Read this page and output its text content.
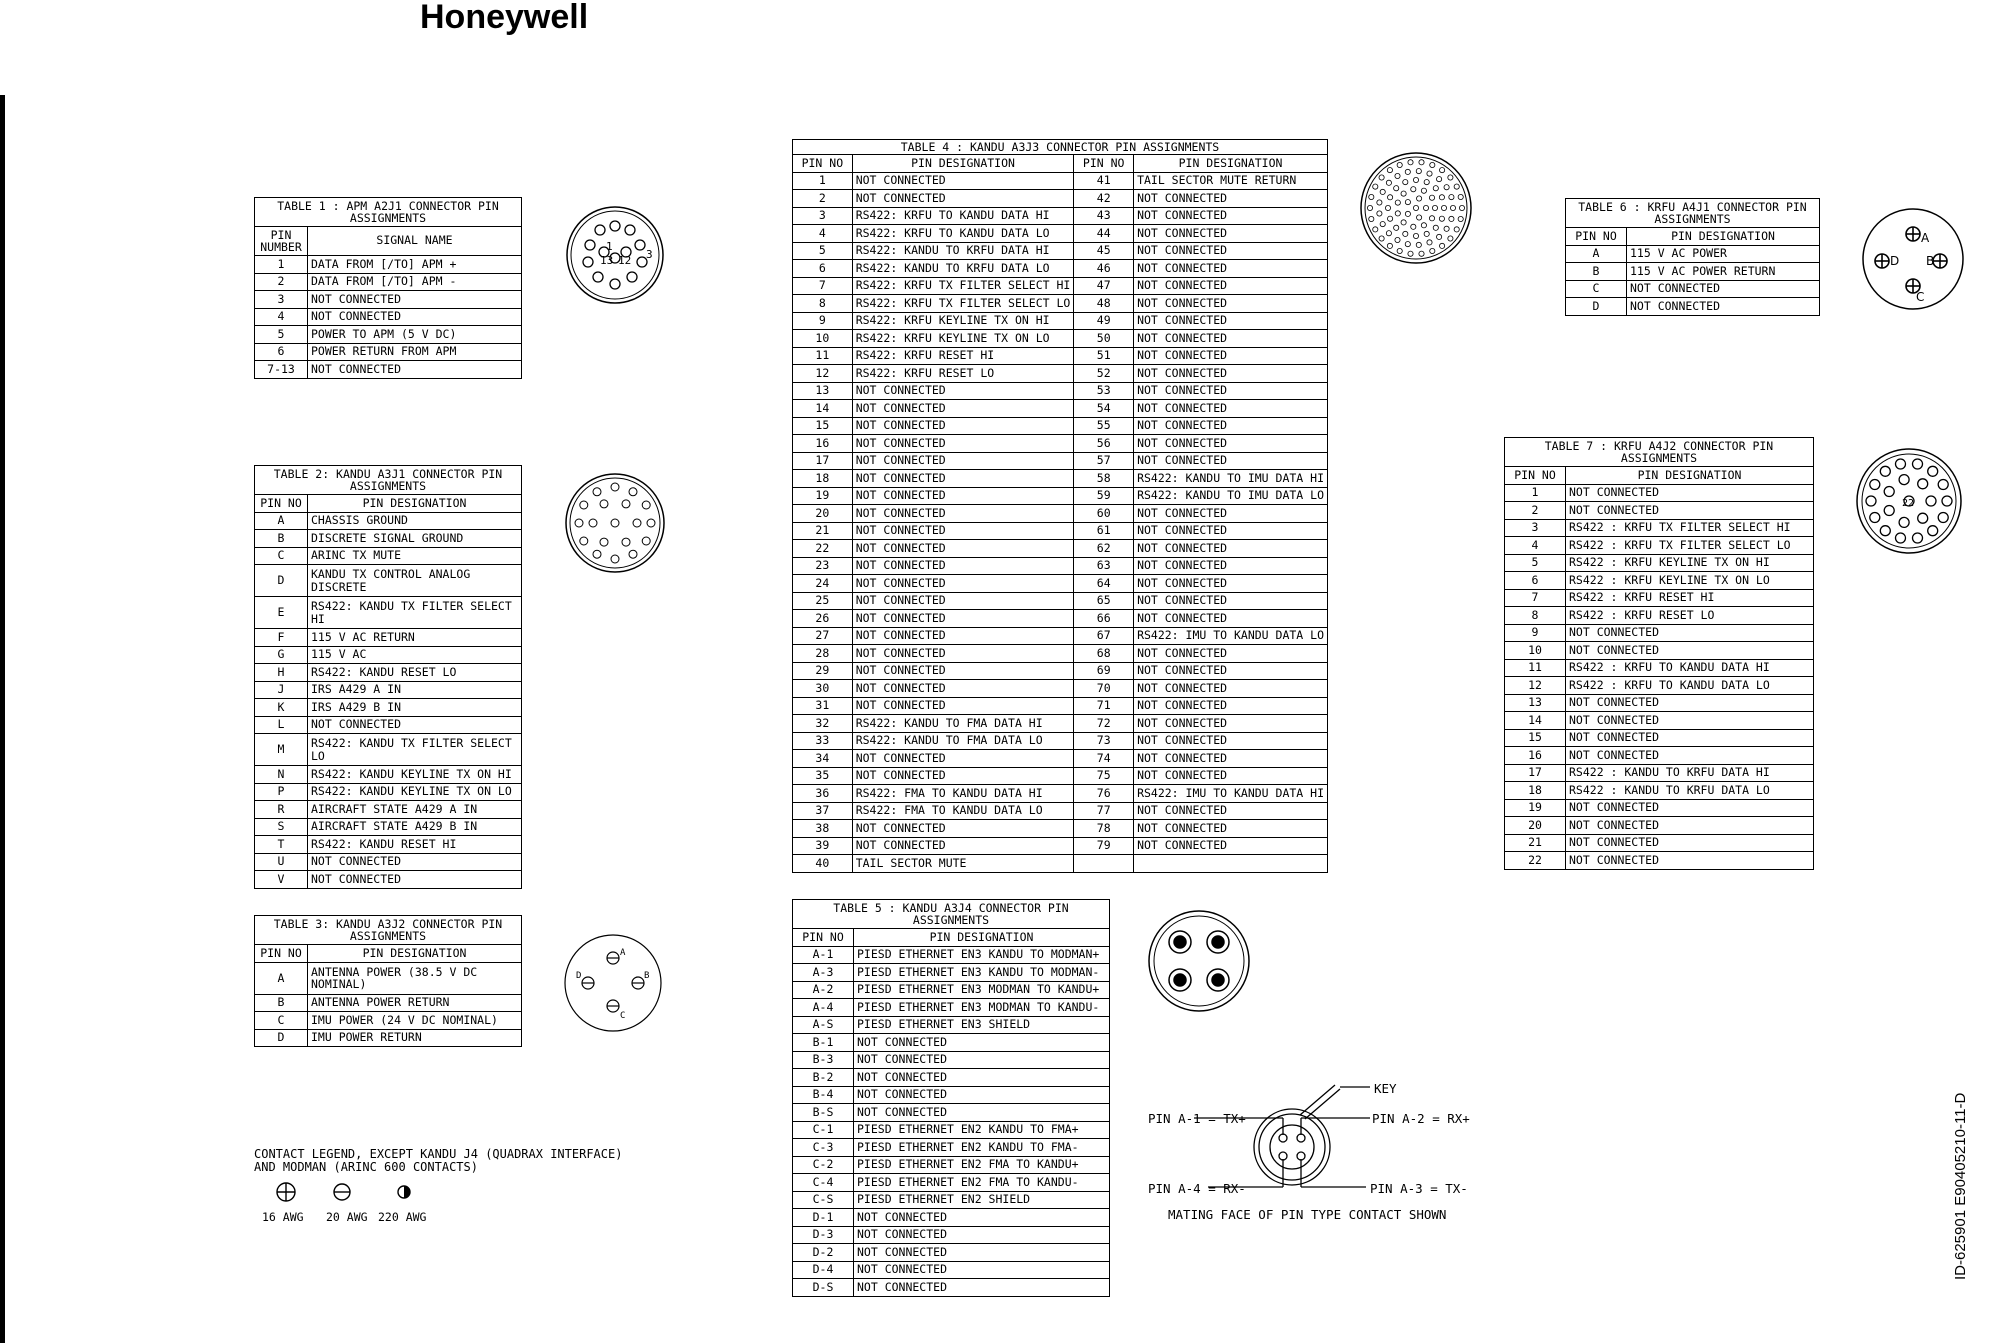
Honeywell
TABLE 1 : APM A2J1 CONNECTOR PIN ASSIGNMENTS	
PIN NUMBER	SIGNAL NAME
1	DATA FROM [/TO] APM +
2	DATA FROM [/TO] APM -
3	NOT CONNECTED
4	NOT CONNECTED
5	POWER TO APM (5 V DC)
6	POWER RETURN FROM APM
7-13	NOT CONNECTED
TABLE 2: KANDU A3J1 CONNECTOR PIN ASSIGNMENTS	
PIN NO	PIN DESIGNATION
A	CHASSIS GROUND
B	DISCRETE SIGNAL GROUND
C	ARINC TX MUTE
D	KANDU TX CONTROL ANALOG DISCRETE
E	RS422: KANDU TX FILTER SELECT HI
F	115 V AC RETURN
G	115 V AC
H	RS422: KANDU RESET LO
J	IRS A429 A IN
K	IRS A429 B IN
L	NOT CONNECTED
M	RS422: KANDU TX FILTER SELECT LO
N	RS422: KANDU KEYLINE TX ON HI
P	RS422: KANDU KEYLINE TX ON LO
R	AIRCRAFT STATE A429 A IN
S	AIRCRAFT STATE A429 B IN
T	RS422: KANDU RESET HI
U	NOT CONNECTED
V	NOT CONNECTED
TABLE 3: KANDU A3J2 CONNECTOR PIN ASSIGNMENTS	
PIN NO	PIN DESIGNATION
A	ANTENNA POWER (38.5 V DC NOMINAL)
B	ANTENNA POWER RETURN
C	IMU POWER (24 V DC NOMINAL)
D	IMU POWER RETURN
TABLE 4 : KANDU A3J3 CONNECTOR PIN ASSIGNMENTS			
PIN NO	PIN DESIGNATION	PIN NO	PIN DESIGNATION
1	NOT CONNECTED	41	TAIL SECTOR MUTE RETURN
2	NOT CONNECTED	42	NOT CONNECTED
3	RS422: KRFU TO KANDU DATA HI	43	NOT CONNECTED
4	RS422: KRFU TO KANDU DATA LO	44	NOT CONNECTED
5	RS422: KANDU TO KRFU DATA HI	45	NOT CONNECTED
6	RS422: KANDU TO KRFU DATA LO	46	NOT CONNECTED
7	RS422: KRFU TX FILTER SELECT HI	47	NOT CONNECTED
8	RS422: KRFU TX FILTER SELECT LO	48	NOT CONNECTED
9	RS422: KRFU KEYLINE TX ON HI	49	NOT CONNECTED
10	RS422: KRFU KEYLINE TX ON LO	50	NOT CONNECTED
11	RS422: KRFU RESET HI	51	NOT CONNECTED
12	RS422: KRFU RESET LO	52	NOT CONNECTED
13	NOT CONNECTED	53	NOT CONNECTED
14	NOT CONNECTED	54	NOT CONNECTED
15	NOT CONNECTED	55	NOT CONNECTED
16	NOT CONNECTED	56	NOT CONNECTED
17	NOT CONNECTED	57	NOT CONNECTED
18	NOT CONNECTED	58	RS422: KANDU TO IMU DATA HI
19	NOT CONNECTED	59	RS422: KANDU TO IMU DATA LO
20	NOT CONNECTED	60	NOT CONNECTED
21	NOT CONNECTED	61	NOT CONNECTED
22	NOT CONNECTED	62	NOT CONNECTED
23	NOT CONNECTED	63	NOT CONNECTED
24	NOT CONNECTED	64	NOT CONNECTED
25	NOT CONNECTED	65	NOT CONNECTED
26	NOT CONNECTED	66	NOT CONNECTED
27	NOT CONNECTED	67	RS422: IMU TO KANDU DATA LO
28	NOT CONNECTED	68	NOT CONNECTED
29	NOT CONNECTED	69	NOT CONNECTED
30	NOT CONNECTED	70	NOT CONNECTED
31	NOT CONNECTED	71	NOT CONNECTED
32	RS422: KANDU TO FMA DATA HI	72	NOT CONNECTED
33	RS422: KANDU TO FMA DATA LO	73	NOT CONNECTED
34	NOT CONNECTED	74	NOT CONNECTED
35	NOT CONNECTED	75	NOT CONNECTED
36	RS422: FMA TO KANDU DATA HI	76	RS422: IMU TO KANDU DATA HI
37	RS422: FMA TO KANDU DATA LO	77	NOT CONNECTED
38	NOT CONNECTED	78	NOT CONNECTED
39	NOT CONNECTED	79	NOT CONNECTED
40	TAIL SECTOR MUTE		
TABLE 5 : KANDU A3J4 CONNECTOR PIN ASSIGNMENTS	
PIN NO	PIN DESIGNATION
A-1	PIESD ETHERNET EN3 KANDU TO MODMAN+
A-3	PIESD ETHERNET EN3 KANDU TO MODMAN-
A-2	PIESD ETHERNET EN3 MODMAN TO KANDU+
A-4	PIESD ETHERNET EN3 MODMAN TO KANDU-
A-S	PIESD ETHERNET EN3 SHIELD
B-1	NOT CONNECTED
B-3	NOT CONNECTED
B-2	NOT CONNECTED
B-4	NOT CONNECTED
B-S	NOT CONNECTED
C-1	PIESD ETHERNET EN2 KANDU TO FMA+
C-3	PIESD ETHERNET EN2 KANDU TO FMA-
C-2	PIESD ETHERNET EN2 FMA TO KANDU+
C-4	PIESD ETHERNET EN2 FMA TO KANDU-
C-S	PIESD ETHERNET EN2 SHIELD
D-1	NOT CONNECTED
D-3	NOT CONNECTED
D-2	NOT CONNECTED
D-4	NOT CONNECTED
D-S	NOT CONNECTED
TABLE 6 : KRFU A4J1 CONNECTOR PIN ASSIGNMENTS	
PIN NO	PIN DESIGNATION
A	115 V AC POWER
B	115 V AC POWER RETURN
C	NOT CONNECTED
D	NOT CONNECTED
TABLE 7 : KRFU A4J2 CONNECTOR PIN ASSIGNMENTS	
PIN NO	PIN DESIGNATION
1	NOT CONNECTED
2	NOT CONNECTED
3	RS422 : KRFU TX FILTER SELECT HI
4	RS422 : KRFU TX FILTER SELECT LO
5	RS422 : KRFU KEYLINE TX ON HI
6	RS422 : KRFU KEYLINE TX ON LO
7	RS422 : KRFU RESET HI
8	RS422 : KRFU RESET LO
9	NOT CONNECTED
10	NOT CONNECTED
11	RS422 : KRFU TO KANDU DATA HI
12	RS422 : KRFU TO KANDU DATA LO
13	NOT CONNECTED
14	NOT CONNECTED
15	NOT CONNECTED
16	NOT CONNECTED
17	RS422 : KANDU TO KRFU DATA HI
18	RS422 : KANDU TO KRFU DATA LO
19	NOT CONNECTED
20	NOT CONNECTED
21	NOT CONNECTED
22	NOT CONNECTED
1
13 12 3
A
B
C
D
A
B
C
D
22
CONTACT LEGEND, EXCEPT KANDU J4 (QUADRAX INTERFACE) AND MODMAN (ARINC 600 CONTACTS)
16 AWG 20 AWG 220 AWG
KEY
PIN A-1 = TX+	PIN A-2 = RX+
PIN A-4 = RX-	PIN A-3 = TX-
MATING FACE OF PIN TYPE CONTACT SHOWN	ID-625901 E90405210-11-D
